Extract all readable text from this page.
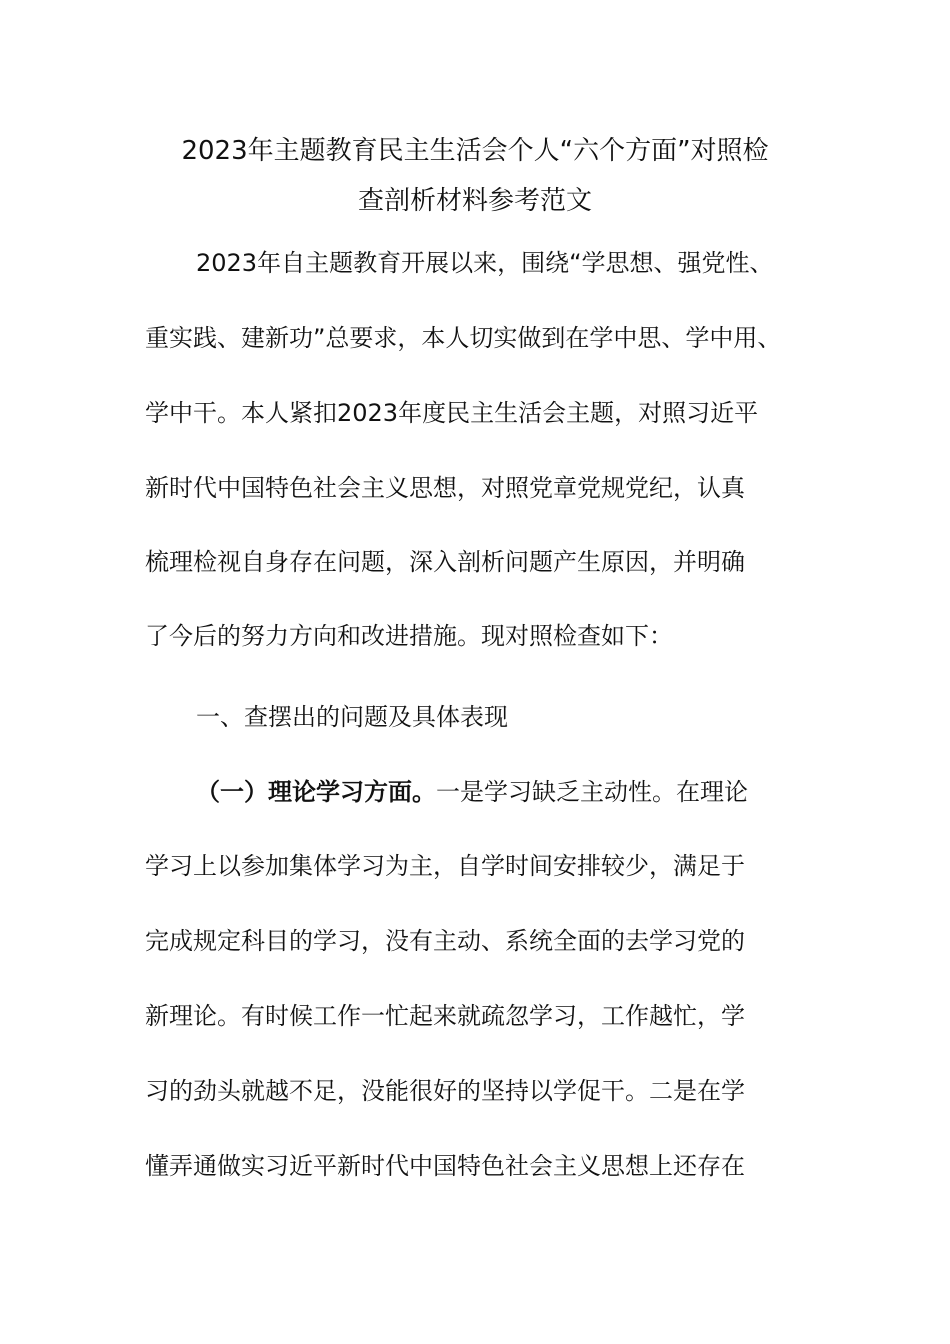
2023年主题教育民主生活会个人“六个方面”对照检
查剖析材料参考范文
2023年自主题教育开展以来，围绕“学思想、强党性、
重实践、建新功”总要求，本人切实做到在学中思、学中用、
学中干。本人紧扣2023年度民主生活会主题，对照习近平
新时代中国特色社会主义思想，对照党章党规党纪，认真
梳理检视自身存在问题，深入剖析问题产生原因，并明确
了今后的努力方向和改进措施。现对照检查如下：
一、查摆出的问题及具体表现
（一）理论学习方面。一是学习缺乏主动性。在理论
学习上以参加集体学习为主，自学时间安排较少，满足于
完成规定科目的学习，没有主动、系统全面的去学习党的
新理论。有时候工作一忙起来就疏忽学习，工作越忙，学
习的劲头就越不足，没能很好的坚持以学促干。二是在学
懂弄通做实习近平新时代中国特色社会主义思想上还存在
